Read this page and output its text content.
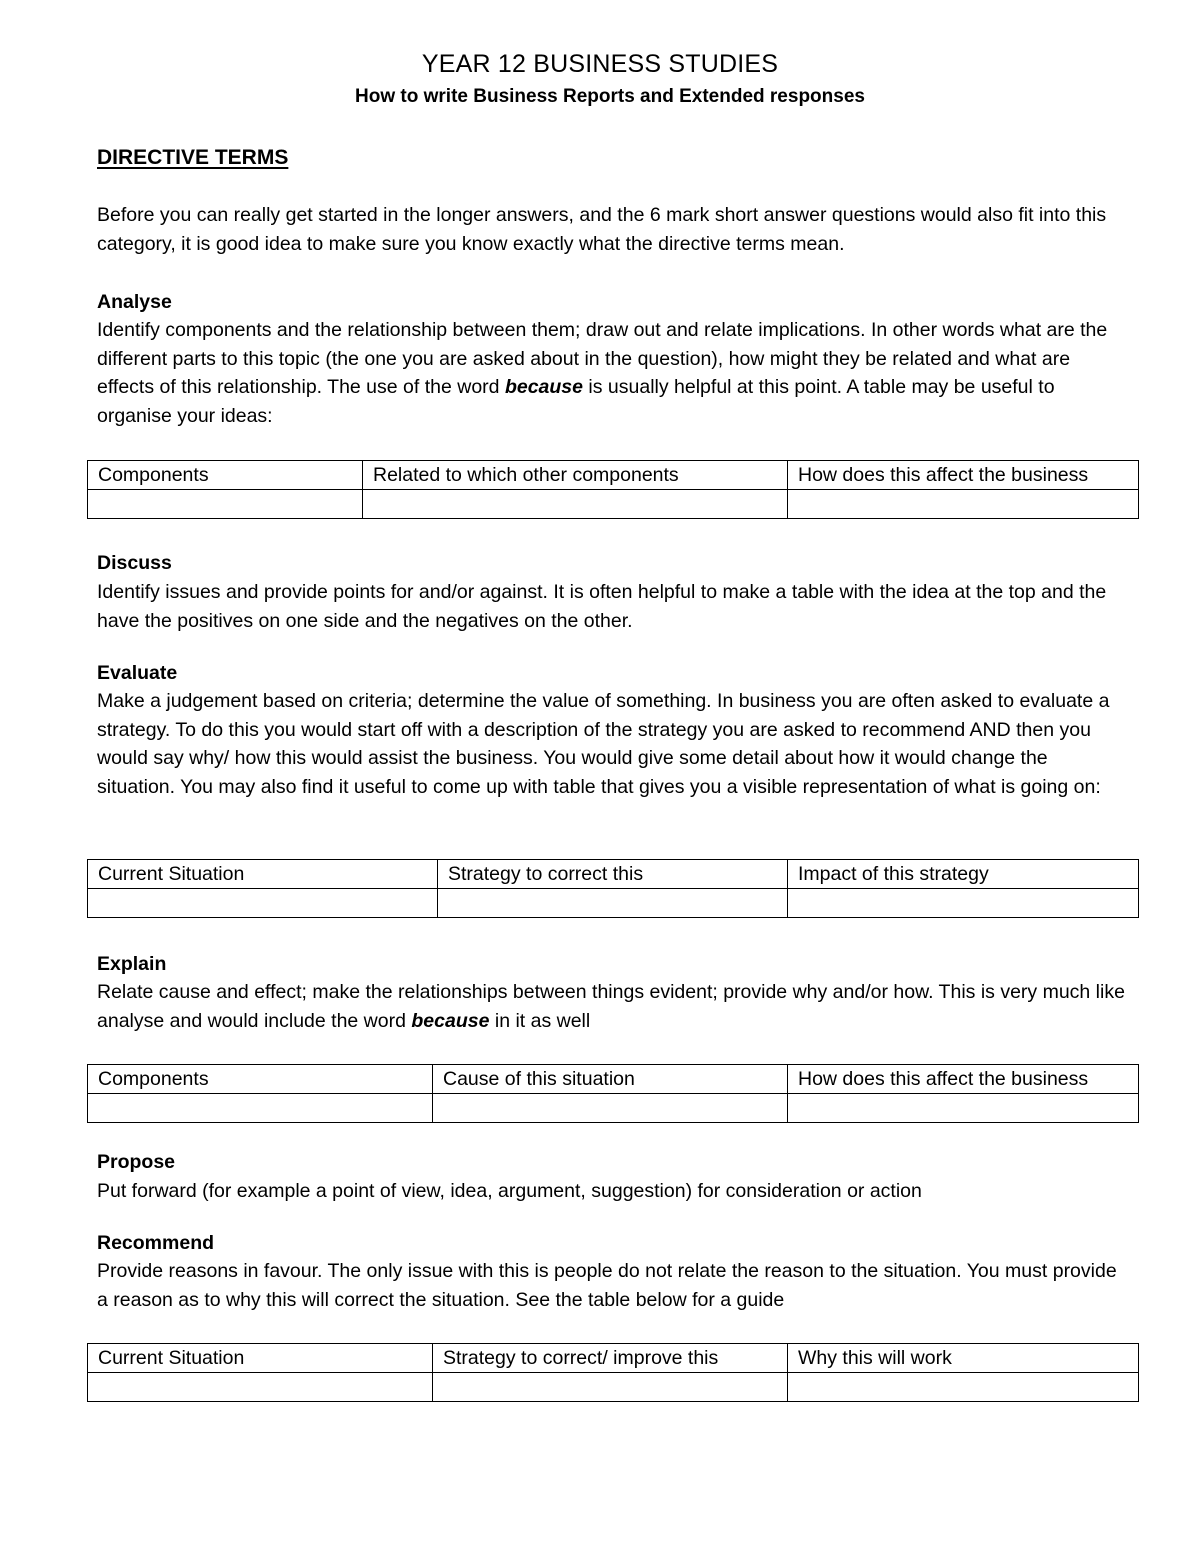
YEAR 12 BUSINESS STUDIES
How to write Business Reports and Extended responses
DIRECTIVE TERMS

Before you can really get started in the longer answers, and the 6 mark short answer questions would also fit into this category, it is good idea to make sure you know exactly what the directive terms mean.

Analyse

Identify components and the relationship between them; draw out and relate implications. In other words what are the different parts to this topic (the one you are asked about in the question), how might they be related and what are effects of this relationship. The use of the word because is usually helpful at this point. A table may be useful to organise your ideas:

Components	Related to which other components	How does this affect the business

Discuss

Identify issues and provide points for and/or against. It is often helpful to make a table with the idea at the top and the have the positives on one side and the negatives on the other.

Evaluate

Make a judgement based on criteria; determine the value of something. In business you are often asked to evaluate a strategy. To do this you would start off with a description of the strategy you are asked to recommend AND then you would say why/ how this would assist the business. You would give some detail about how it would change the situation. You may also find it useful to come up with table that gives you a visible representation of what is going on:

Current Situation	Strategy to correct this	Impact of this strategy

Explain

Relate cause and effect; make the relationships between things evident; provide why and/or how. This is very much like analyse and would include the word because in it as well

Components	Cause of this situation	How does this affect the business

Propose

Put forward (for example a point of view, idea, argument, suggestion) for consideration or action

Recommend

Provide reasons in favour. The only issue with this is people do not relate the reason to the situation. You must provide a reason as to why this will correct the situation. See the table below for a guide

Current Situation	Strategy to correct/ improve this	Why this will work
